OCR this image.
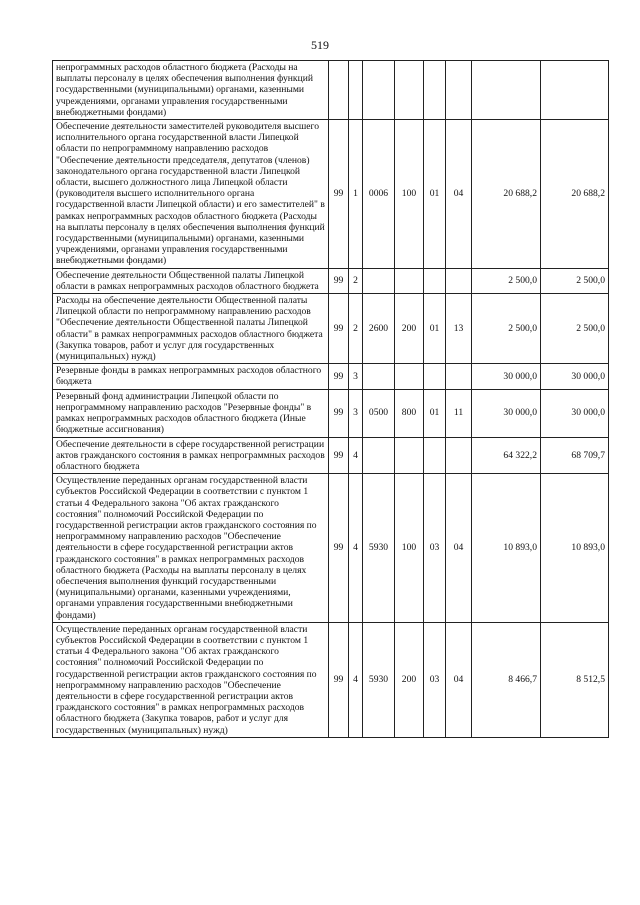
519
непрограммных расходов областного бюджета (Расходы на выплаты персоналу в целях обеспечения выполнения функций государственными (муниципальными) органами, казенными учреждениями, органами управления государственными внебюджетными фондами)								
Обеспечение деятельности заместителей руководителя высшего исполнительного органа государственной власти Липецкой области по непрограммному направлению расходов "Обеспечение деятельности председателя, депутатов (членов) законодательного органа государственной власти Липецкой области, высшего должностного лица Липецкой области (руководителя высшего исполнительного органа государственной власти Липецкой области) и его заместителей" в рамках непрограммных расходов областного бюджета (Расходы на выплаты персоналу в целях обеспечения выполнения функций государственными (муниципальными) органами, казенными учреждениями, органами управления государственными внебюджетными фондами)	99	1	0006	100	01	04	20 688,2	20 688,2
Обеспечение деятельности Общественной палаты Липецкой области в рамках непрограммных расходов областного бюджета	99	2					2 500,0	2 500,0
Расходы на обеспечение деятельности Общественной палаты Липецкой области по непрограммному направлению расходов "Обеспечение деятельности Общественной палаты Липецкой области" в рамках непрограммных расходов областного бюджета (Закупка товаров, работ и услуг для государственных (муниципальных) нужд)	99	2	2600	200	01	13	2 500,0	2 500,0
Резервные фонды в рамках непрограммных расходов областного бюджета	99	3					30 000,0	30 000,0
Резервный фонд администрации Липецкой области по непрограммному направлению расходов "Резервные фонды" в рамках непрограммных расходов областного бюджета (Иные бюджетные ассигнования)	99	3	0500	800	01	11	30 000,0	30 000,0
Обеспечение деятельности в сфере государственной регистрации актов гражданского состояния в рамках непрограммных расходов областного бюджета	99	4					64 322,2	68 709,7
Осуществление переданных органам государственной власти субъектов Российской Федерации в соответствии с пунктом 1 статьи 4 Федерального закона "Об актах гражданского состояния" полномочий Российской Федерации по государственной регистрации актов гражданского состояния по непрограммному направлению расходов "Обеспечение деятельности в сфере государственной регистрации актов гражданского состояния" в рамках непрограммных расходов областного бюджета (Расходы на выплаты персоналу в целях обеспечения выполнения функций государственными (муниципальными) органами, казенными учреждениями, органами управления государственными внебюджетными фондами)	99	4	5930	100	03	04	10 893,0	10 893,0
Осуществление переданных органам государственной власти субъектов Российской Федерации в соответствии с пунктом 1 статьи 4 Федерального закона "Об актах гражданского состояния" полномочий Российской Федерации по государственной регистрации актов гражданского состояния по непрограммному направлению расходов "Обеспечение деятельности в сфере государственной регистрации актов гражданского состояния" в рамках непрограммных расходов областного бюджета (Закупка товаров, работ и услуг для государственных (муниципальных) нужд)	99	4	5930	200	03	04	8 466,7	8 512,5
